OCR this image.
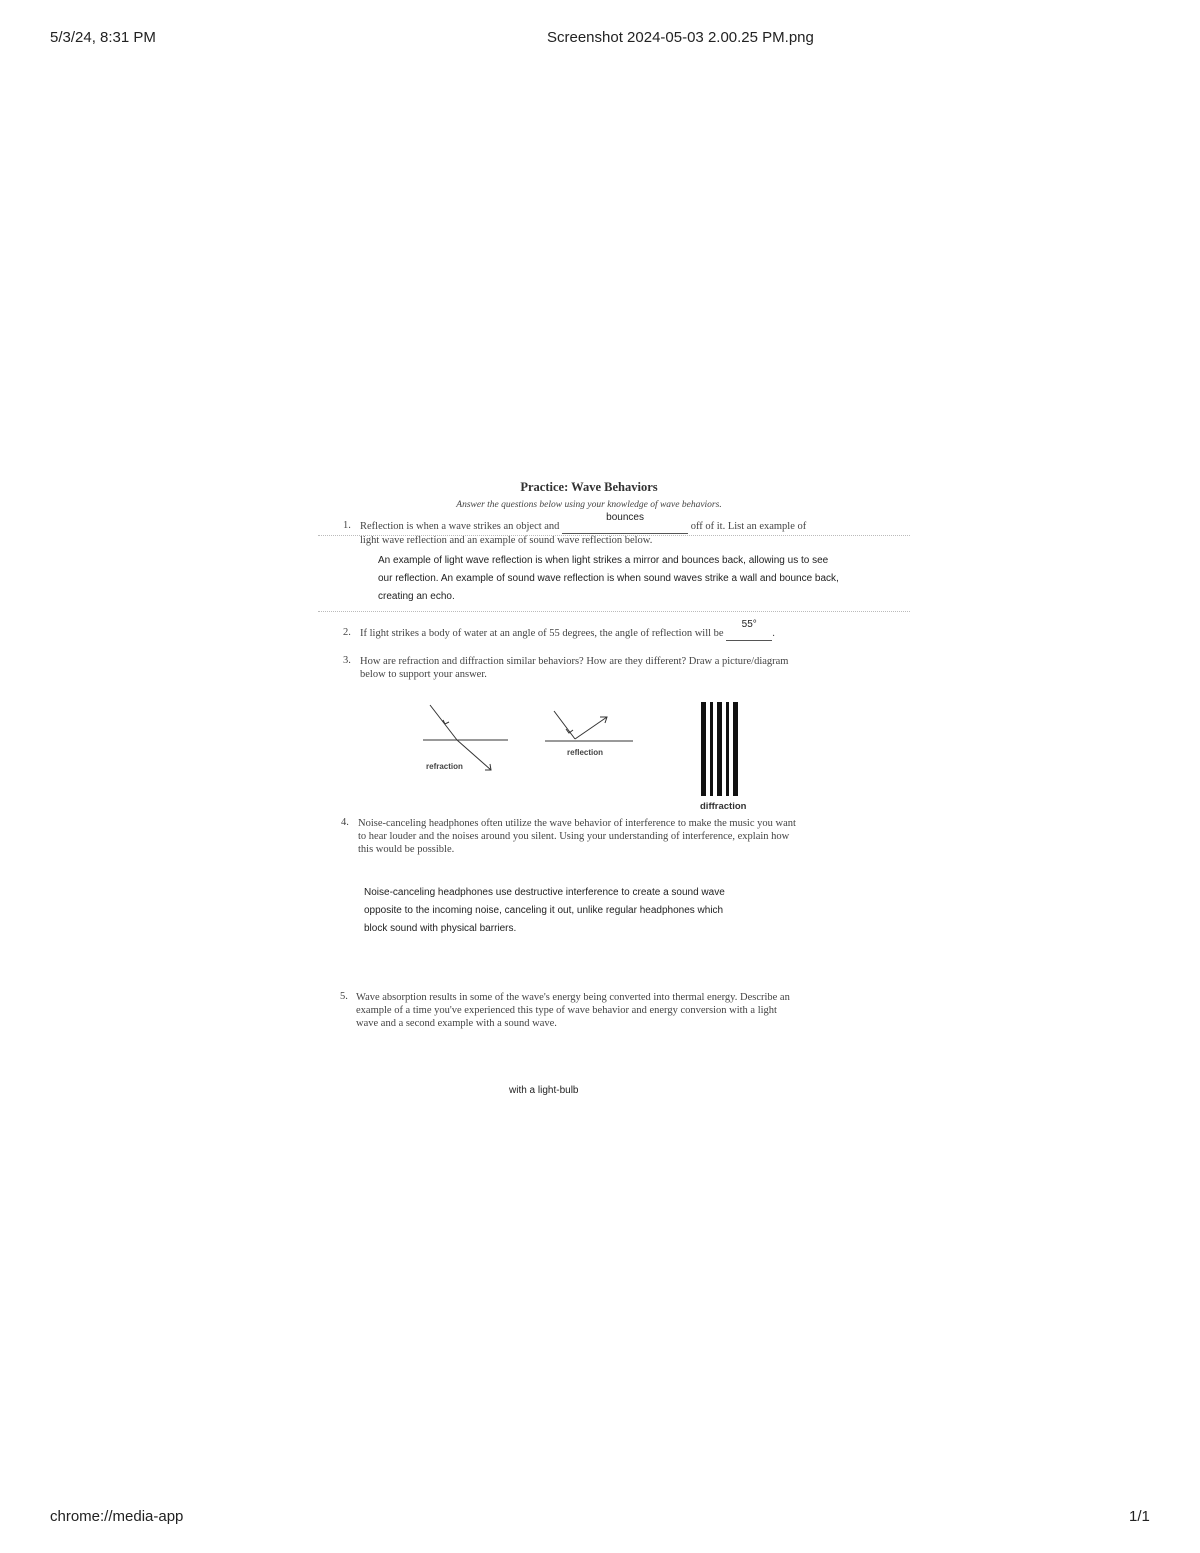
5/3/24, 8:31 PM	Screenshot 2024-05-03 2.00.25 PM.png
chrome://media-app	1/1
Practice: Wave Behaviors
Answer the questions below using your knowledge of wave behaviors.
1. Reflection is when a wave strikes an object and
bounces
off of it. List an example of
light wave reflection and an example of sound wave reflection below.
An example of light wave reflection is when light strikes a mirror and bounces back, allowing us to see
our reflection. An example of sound wave reflection is when sound waves strike a wall and bounce back,
creating an echo.
2. If light strikes a body of water at an angle of 55 degrees, the angle of reflection will be
55°
.
3. How are refraction and diffraction similar behaviors? How are they different? Draw a picture/diagram
below to support your answer.
refraction
reflection
diffraction
4. Noise-canceling headphones often utilize the wave behavior of interference to make the music you want
to hear louder and the noises around you silent. Using your understanding of interference, explain how
this would be possible.
Noise-canceling headphones use destructive interference to create a sound wave
opposite to the incoming noise, canceling it out, unlike regular headphones which
block sound with physical barriers.
5. Wave absorption results in some of the wave's energy being converted into thermal energy. Describe an
example of a time you've experienced this type of wave behavior and energy conversion with a light
wave and a second example with a sound wave.
with a light-bulb
